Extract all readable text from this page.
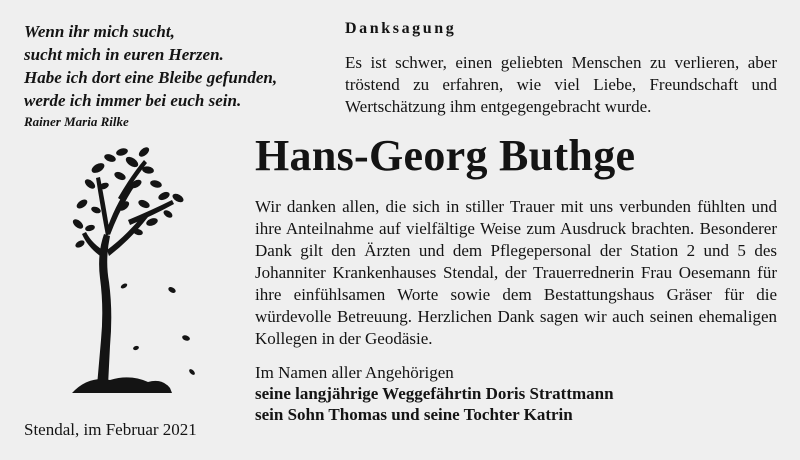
Wenn ihr mich sucht,
sucht mich in euren Herzen.
Habe ich dort eine Bleibe gefunden,
werde ich immer bei euch sein.
Rainer Maria Rilke
Danksagung
Es ist schwer, einen geliebten Menschen zu verlieren, aber tröstend zu erfahren, wie viel Liebe, Freundschaft und Wertschätzung ihm entgegengebracht wurde.
Hans-Georg Buthge
Wir danken allen, die sich in stiller Trauer mit uns verbunden fühlten und ihre Anteilnahme auf vielfältige Weise zum Ausdruck brachten. Besonderer Dank gilt den Ärzten und dem Pflegepersonal der Station 2 und 5 des Johanniter Krankenhauses Stendal, der Trauerrednerin Frau Oesemann für ihre einfühlsamen Worte sowie dem Bestattungshaus Gräser für die würdevolle Betreuung. Herzlichen Dank sagen wir auch seinen ehemaligen Kollegen in der Geodäsie.
Im Namen aller Angehörigen
seine langjährige Weggefährtin Doris Strattmann
sein Sohn Thomas und seine Tochter Katrin
Stendal, im Februar 2021
